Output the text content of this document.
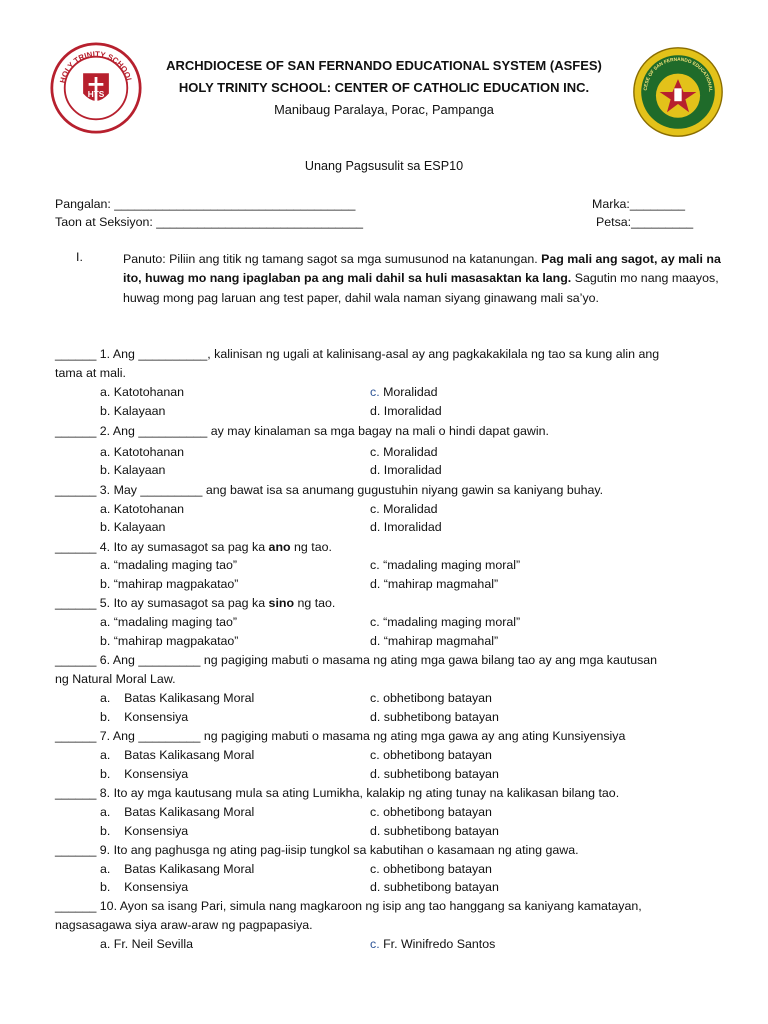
HOLY TRINITY SCHOOL
HTS
CESE OF SAN FERNANDO EDUCATIONAL
ARCHDIOCESE OF SAN FERNANDO EDUCATIONAL SYSTEM (ASFES)
HOLY TRINITY SCHOOL: CENTER OF CATHOLIC EDUCATION INC.
Manibaug Paralaya, Porac, Pampanga
Unang Pagsusulit sa ESP10
Pangalan: ___________________________________
Taon at Seksiyon: ______________________________
Marka:________
Petsa:_________
I.	Panuto: Piliin ang titik ng tamang sagot sa mga sumusunod na katanungan. Pag mali ang sagot, ay mali na ito, huwag mo nang ipaglaban pa ang mali dahil sa huli masasaktan ka lang. Sagutin mo nang maayos, huwag mong pag laruan ang test paper, dahil wala naman siyang ginawang mali sa’yo.
______ 1. Ang __________, kalinisan ng ugali at kalinisang-asal ay ang pagkakakilala ng tao sa kung alin ang
tama at mali.
a. Katotohanan	c. Moralidad
b. Kalayaan	d. Imoralidad
______ 2. Ang __________ ay may kinalaman sa mga bagay na mali o hindi dapat gawin.
a. Katotohanan	c. Moralidad
b. Kalayaan	d. Imoralidad
______ 3. May _________ ang bawat isa sa anumang gugustuhin niyang gawin sa kaniyang buhay.
a. Katotohanan	c. Moralidad
b. Kalayaan	d. Imoralidad
______ 4. Ito ay sumasagot sa pag ka ano ng tao.
a. “madaling maging tao”	c. “madaling maging moral”
b. “mahirap magpakatao”	d. “mahirap magmahal”
______ 5. Ito ay sumasagot sa pag ka sino ng tao.
a. “madaling maging tao”	c. “madaling maging moral”
b. “mahirap magpakatao”	d. “mahirap magmahal”
______ 6. Ang _________ ng pagiging mabuti o masama ng ating mga gawa bilang tao ay ang mga kautusan
ng Natural Moral Law.
a.    Batas Kalikasang Moral	c. obhetibong batayan
b.    Konsensiya	d. subhetibong batayan
______ 7. Ang _________ ng pagiging mabuti o masama ng ating mga gawa ay ang ating Kunsiyensiya
a.    Batas Kalikasang Moral	c. obhetibong batayan
b.    Konsensiya	d. subhetibong batayan
______ 8. Ito ay mga kautusang mula sa ating Lumikha, kalakip ng ating tunay na kalikasan bilang tao.
a.    Batas Kalikasang Moral	c. obhetibong batayan
b.    Konsensiya	d. subhetibong batayan
______ 9. Ito ang paghusga ng ating pag-iisip tungkol sa kabutihan o kasamaan ng ating gawa.
a.    Batas Kalikasang Moral	c. obhetibong batayan
b.    Konsensiya	d. subhetibong batayan
______ 10. Ayon sa isang Pari, simula nang magkaroon ng isip ang tao hanggang sa kaniyang kamatayan,
nagsasagawa siya araw-araw ng pagpapasiya.
a. Fr. Neil Sevilla	c. Fr. Winifredo Santos
